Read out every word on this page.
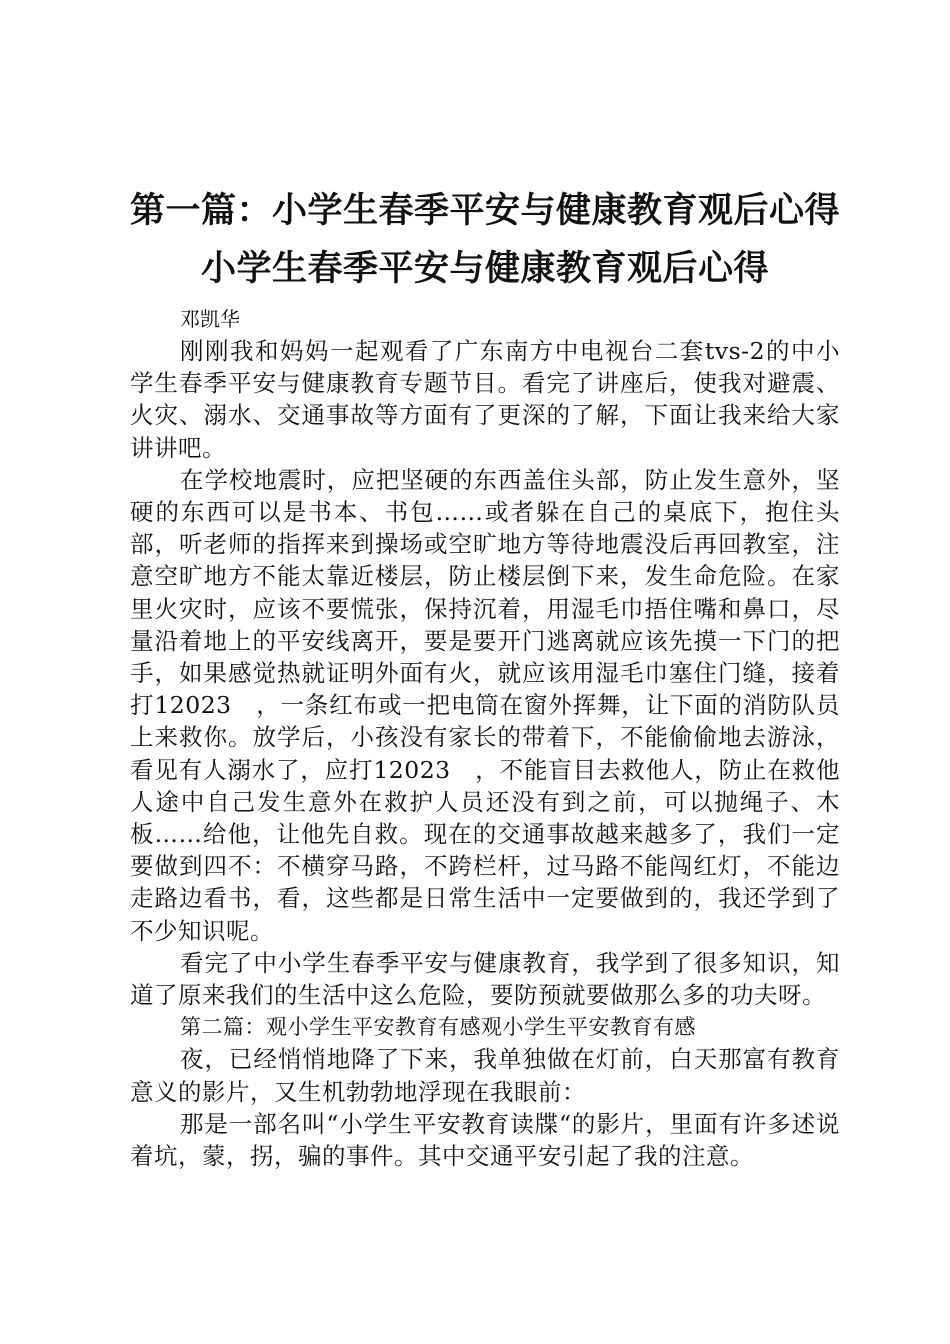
第一篇：小学生春季平安与健康教育观后心得
小学生春季平安与健康教育观后心得

邓凯华

刚刚我和妈妈一起观看了广东南方中电视台二套tvs-2的中小学生春季平安与健康教育专题节目。看完了讲座后，使我对避震、火灾、溺水、交通事故等方面有了更深的了解，下面让我来给大家讲讲吧。

在学校地震时，应把坚硬的东西盖住头部，防止发生意外，坚硬的东西可以是书本、书包……或者躲在自己的桌底下，抱住头部，听老师的指挥来到操场或空旷地方等待地震没后再回教室，注意空旷地方不能太靠近楼层，防止楼层倒下来，发生命危险。在家里火灾时，应该不要慌张，保持沉着，用湿毛巾捂住嘴和鼻口，尽量沿着地上的平安线离开，要是要开门逃离就应该先摸一下门的把手，如果感觉热就证明外面有火，就应该用湿毛巾塞住门缝，接着打12023　，一条红布或一把电筒在窗外挥舞，让下面的消防队员上来救你。放学后，小孩没有家长的带着下，不能偷偷地去游泳，看见有人溺水了，应打12023　，不能盲目去救他人，防止在救他人途中自己发生意外在救护人员还没有到之前，可以抛绳子、木板……给他，让他先自救。现在的交通事故越来越多了，我们一定要做到四不：不横穿马路，不跨栏杆，过马路不能闯红灯，不能边走路边看书，看，这些都是日常生活中一定要做到的，我还学到了不少知识呢。

看完了中小学生春季平安与健康教育，我学到了很多知识，知道了原来我们的生活中这么危险，要防预就要做那么多的功夫呀。

第二篇：观小学生平安教育有感观小学生平安教育有感

夜，已经悄悄地降了下来，我单独做在灯前，白天那富有教育意义的影片，又生机勃勃地浮现在我眼前：

那是一部名叫“小学生平安教育读牒“的影片，里面有许多述说着坑，蒙，拐，骗的事件。其中交通平安引起了我的注意。
